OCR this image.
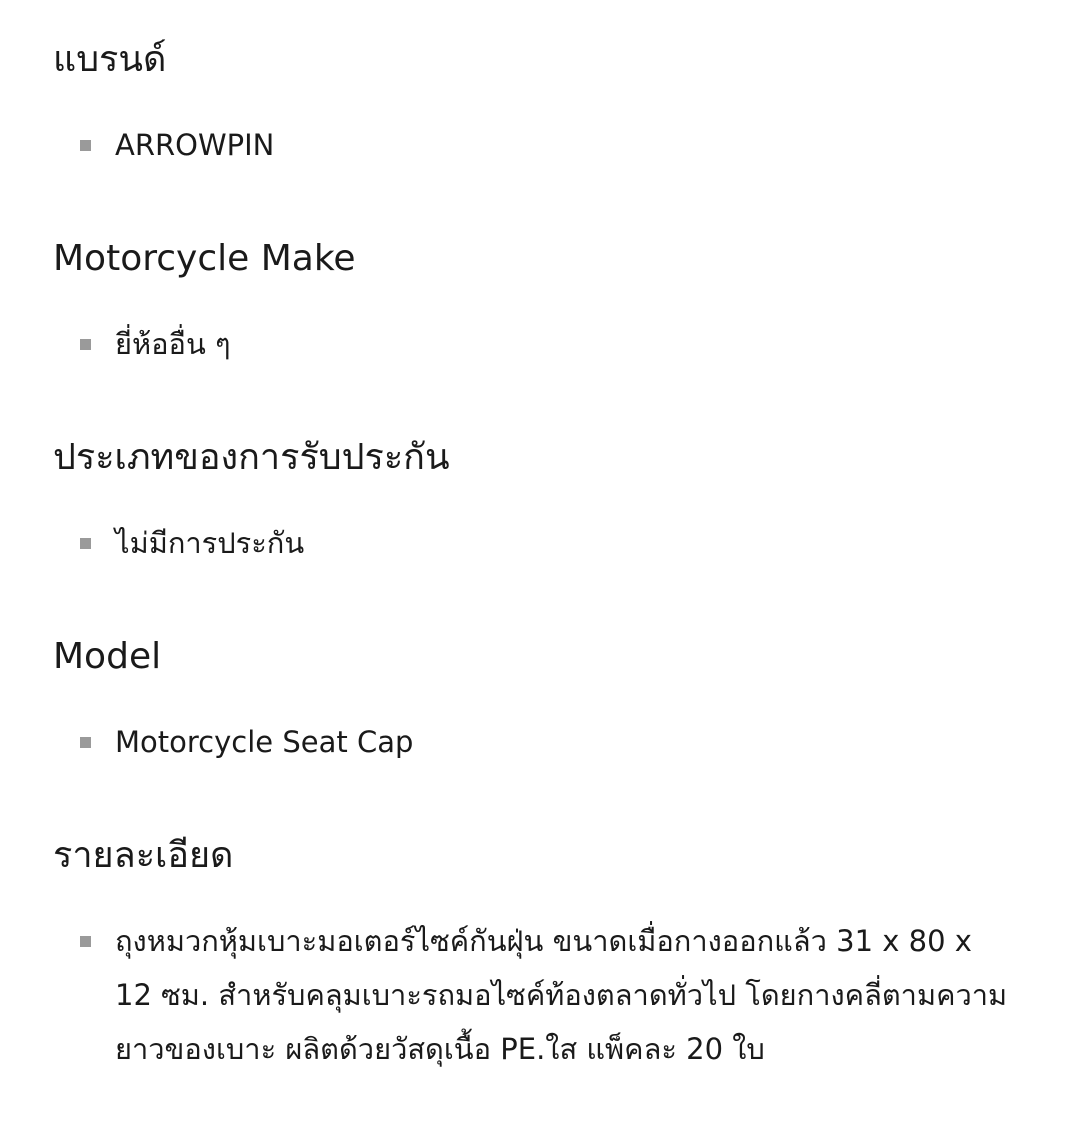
แบรนด์
ARROWPIN
Motorcycle Make
ยี่ห้ออื่น ๆ
ประเภทของการรับประกัน
ไม่มีการประกัน
Model
Motorcycle Seat Cap
รายละเอียด
ถุงหมวกหุ้มเบาะมอเตอร์ไซค์กันฝุ่น ขนาดเมื่อกางออกแล้ว 31 x 80 x
12 ซม. สำหรับคลุมเบาะรถมอไซค์ท้องตลาดทั่วไป โดยกางคลี่ตามความ
ยาวของเบาะ ผลิตด้วยวัสดุเนื้อ PE.ใส แพ็คละ 20 ใบ
